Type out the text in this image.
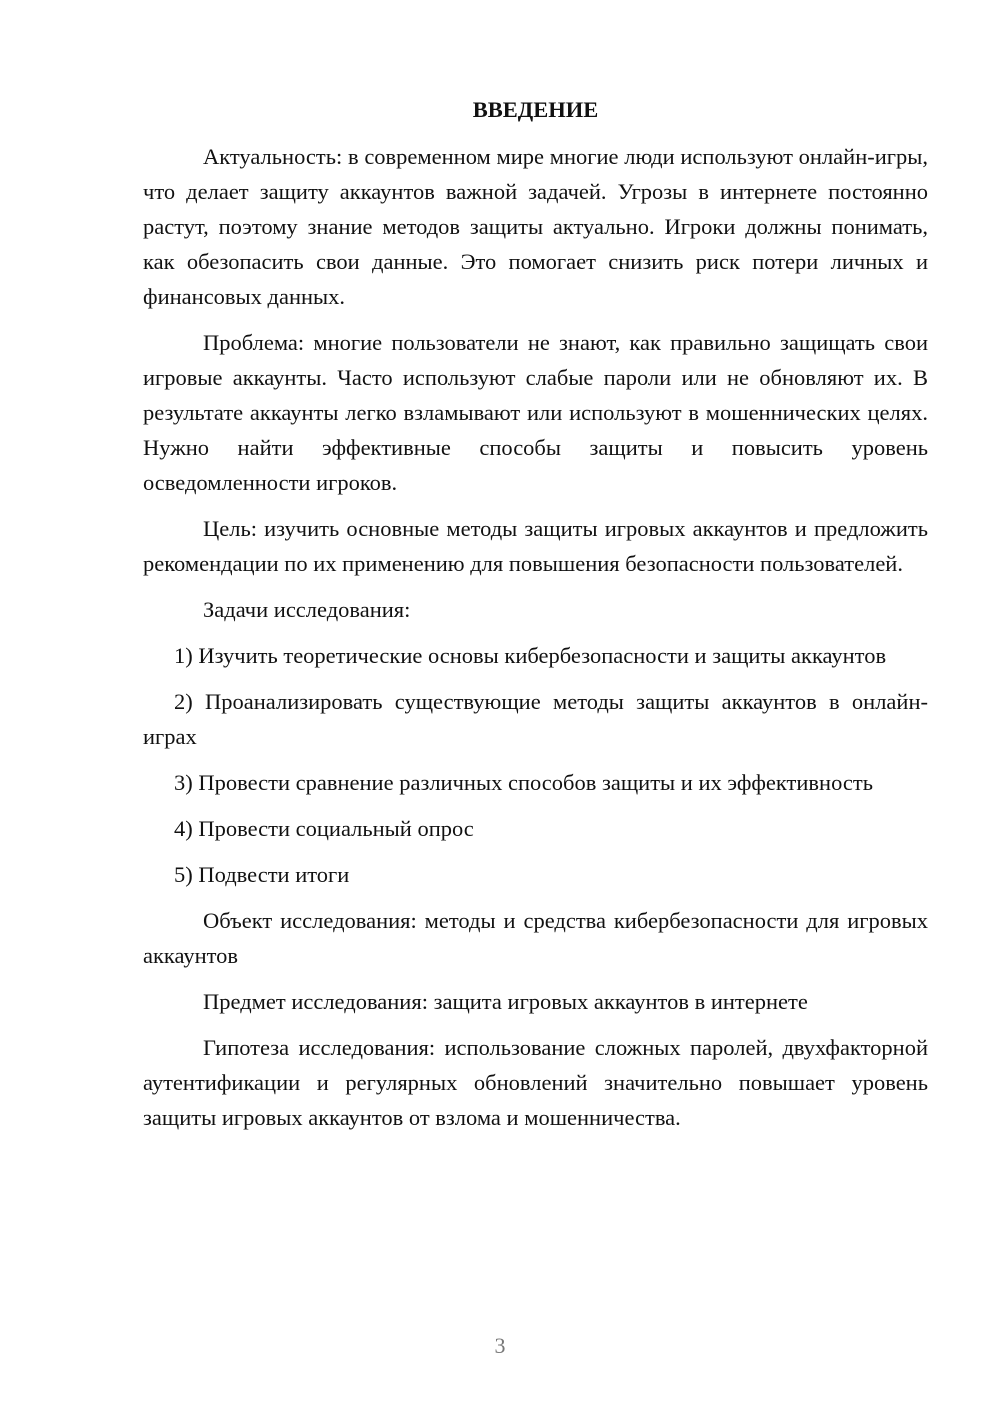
ВВЕДЕНИЕ

Актуальность: в современном мире многие люди используют онлайн-игры, что делает защиту аккаунтов важной задачей. Угрозы в интернете постоянно растут, поэтому знание методов защиты актуально. Игроки должны понимать, как обезопасить свои данные. Это помогает снизить риск потери личных и финансовых данных.

Проблема: многие пользователи не знают, как правильно защищать свои игровые аккаунты. Часто используют слабые пароли или не обновляют их. В результате аккаунты легко взламывают или используют в мошеннических целях. Нужно найти эффективные способы защиты и повысить уровень осведомленности игроков.

Цель: изучить основные методы защиты игровых аккаунтов и предложить рекомендации по их применению для повышения безопасности пользователей.

Задачи исследования:

1) Изучить теоретические основы кибербезопасности и защиты аккаунтов

2) Проанализировать существующие методы защиты аккаунтов в онлайн-играх

3) Провести сравнение различных способов защиты и их эффективность

4) Провести социальный опрос

5) Подвести итоги

Объект исследования: методы и средства кибербезопасности для игровых аккаунтов

Предмет исследования: защита игровых аккаунтов в интернете

Гипотеза исследования: использование сложных паролей, двухфакторной аутентификации и регулярных обновлений значительно повышает уровень защиты игровых аккаунтов от взлома и мошенничества.

3
